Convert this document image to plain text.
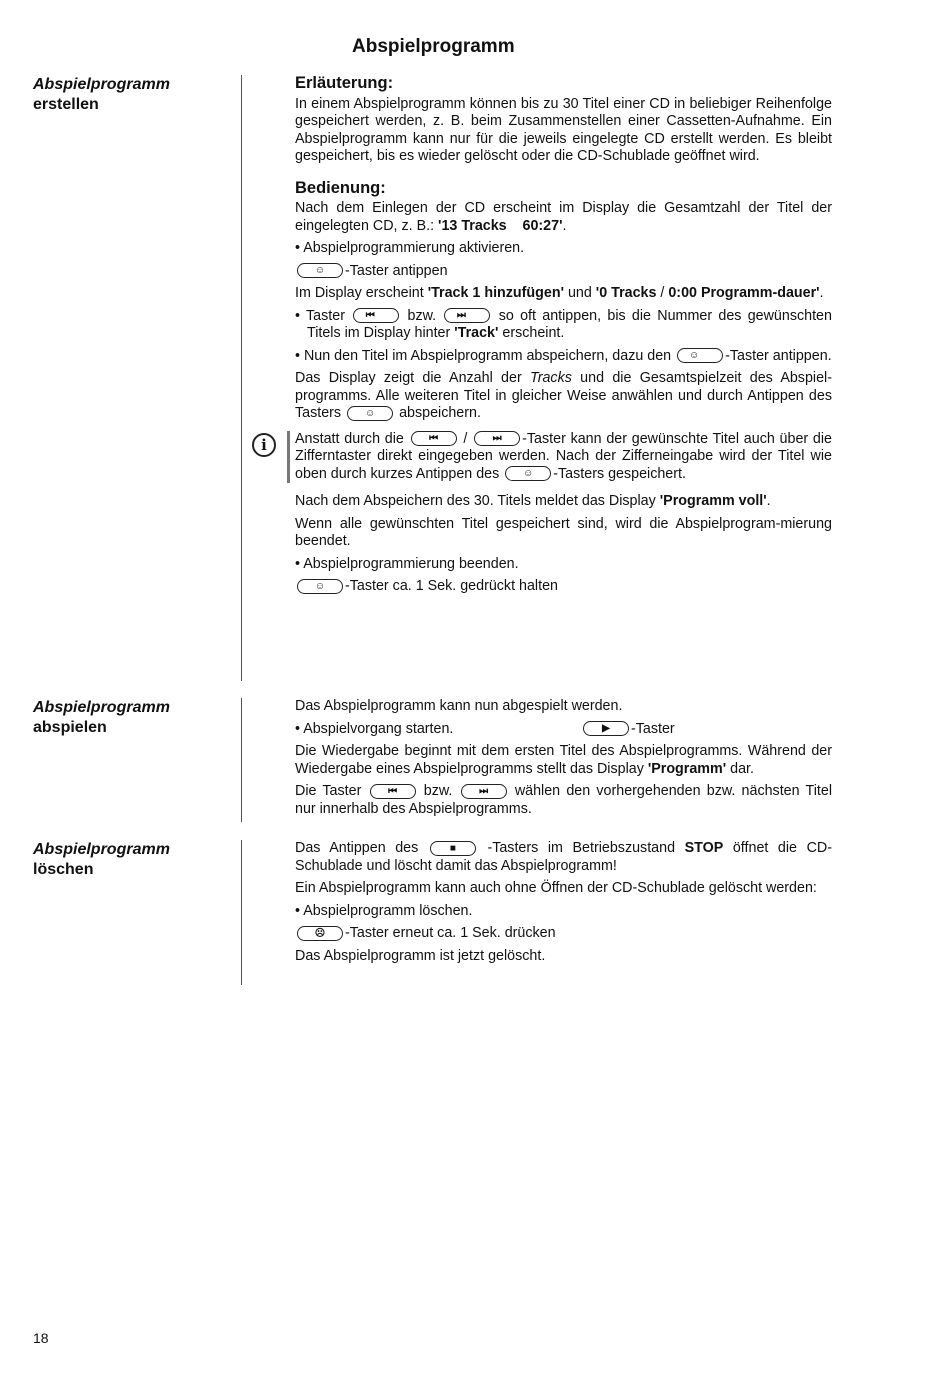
Abspielprogramm
Abspielprogramm
erstellen
Erläuterung:

In einem Abspielprogramm können bis zu 30 Titel einer CD in beliebiger Reihenfolge gespeichert werden, z. B. beim Zusammenstellen einer Cassetten-Aufnahme. Ein Abspielprogramm kann nur für die jeweils eingelegte CD erstellt werden. Es bleibt gespeichert, bis es wieder gelöscht oder die CD-Schublade geöffnet wird.

Bedienung:

Nach dem Einlegen der CD erscheint im Display die Gesamtzahl der Titel der eingelegten CD, z. B.: '13 Tracks    60:27'.

• Abspielprogrammierung aktivieren.

☺ -Taster antippen

Im Display erscheint 'Track 1 hinzufügen' und '0 Tracks / 0:00 Programm-dauer'.

• Taster ⏮ bzw. ⏭ so oft antippen, bis die Nummer des gewünschten Titels im Display hinter 'Track' erscheint.

• Nun den Titel im Abspielprogramm abspeichern, dazu den ☺ -Taster antippen.

Das Display zeigt die Anzahl der Tracks und die Gesamtspielzeit des Abspiel-programms. Alle weiteren Titel in gleicher Weise anwählen und durch Antippen des Tasters ☺ abspeichern.

i	Anstatt durch die	⏮ /	⏭ -Taster kann der gewünschte Titel auch über die Zifferntaster direkt eingegeben werden. Nach der Zifferneingabe wird der Titel wie oben durch kurzes Antippen des ☺ -Tasters gespeichert.

Nach dem Abspeichern des 30. Titels meldet das Display 'Programm voll'.

Wenn alle gewünschten Titel gespeichert sind, wird die Abspielprogram-mierung beendet.

• Abspielprogrammierung beenden.

☺ -Taster ca. 1 Sek. gedrückt halten

Abspielprogramm
abspielen

Das Abspielprogramm kann nun abgespielt werden.

• Abspielvorgang starten.	▶ -Taster

Die Wiedergabe beginnt mit dem ersten Titel des Abspielprogramms. Während der Wiedergabe eines Abspielprogramms stellt das Display 'Programm' dar.

Die Taster	⏮ bzw.	⏭ wählen den vorhergehenden bzw. nächsten Titel nur innerhalb des Abspielprogramms.

Abspielprogramm
löschen

Das Antippen des	■ -Tasters im Betriebszustand STOP öffnet die CD-Schublade und löscht damit das Abspielprogramm!

Ein Abspielprogramm kann auch ohne Öffnen der CD-Schublade gelöscht werden:

• Abspielprogramm löschen.

☹ -Taster erneut ca. 1 Sek. drücken

Das Abspielprogramm ist jetzt gelöscht.

18
